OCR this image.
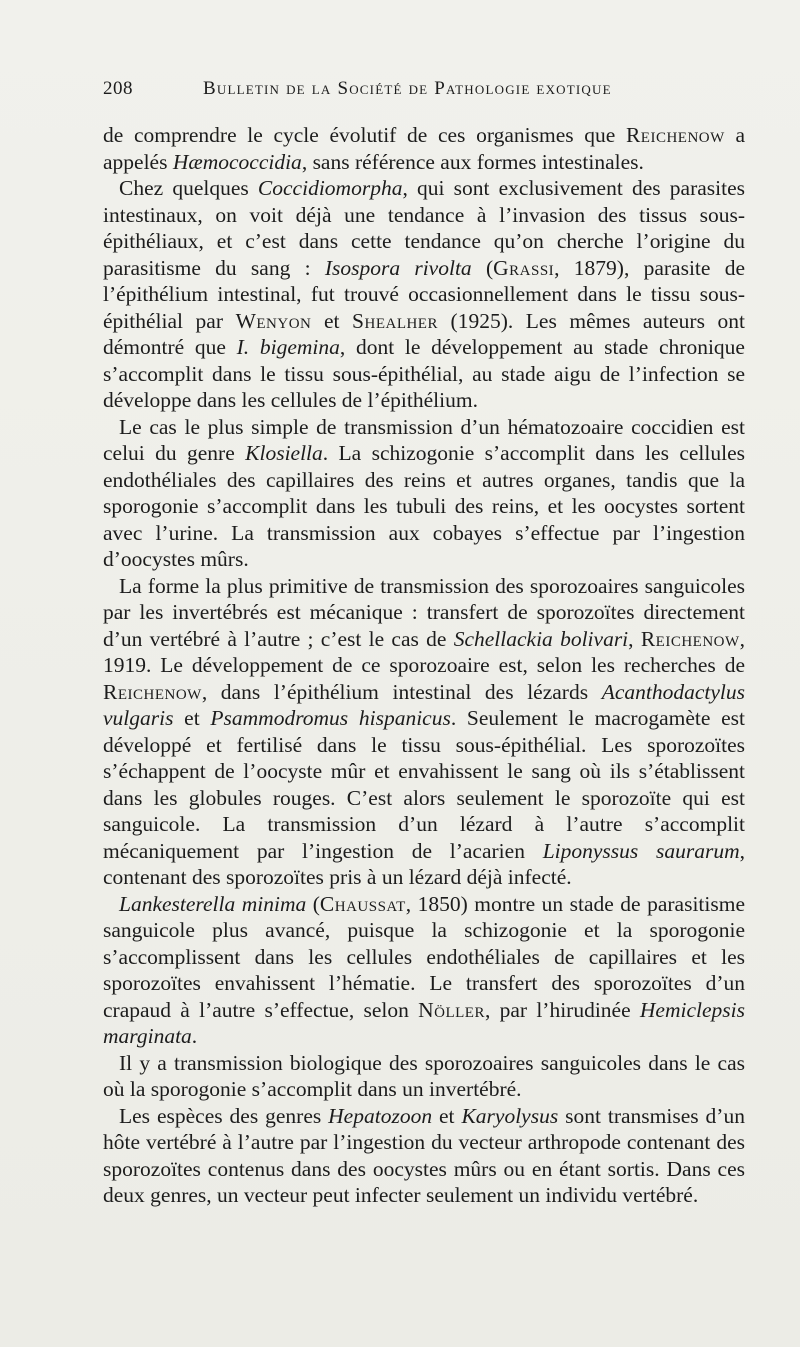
208	Bulletin de la Société de Pathologie exotique

de comprendre le cycle évolutif de ces organismes que Reichenow a appelés Hæmococcidia, sans référence aux formes intestinales.

Chez quelques Coccidiomorpha, qui sont exclusivement des parasites intestinaux, on voit déjà une tendance à l’invasion des tissus sous-épithéliaux, et c’est dans cette tendance qu’on cherche l’origine du parasitisme du sang : Isospora rivolta (Grassi, 1879), parasite de l’épithélium intestinal, fut trouvé occasionnellement dans le tissu sous-épithélial par Wenyon et Shealher (1925). Les mêmes auteurs ont démontré que I. bigemina, dont le développement au stade chronique s’accomplit dans le tissu sous-épithélial, au stade aigu de l’infection se développe dans les cellules de l’épithélium.

Le cas le plus simple de transmission d’un hématozoaire coccidien est celui du genre Klosiella. La schizogonie s’accomplit dans les cellules endothéliales des capillaires des reins et autres organes, tandis que la sporogonie s’accomplit dans les tubuli des reins, et les oocystes sortent avec l’urine. La transmission aux cobayes s’effectue par l’ingestion d’oocystes mûrs.

La forme la plus primitive de transmission des sporozoaires sanguicoles par les invertébrés est mécanique : transfert de sporozoïtes directement d’un vertébré à l’autre ; c’est le cas de Schellackia bolivari, Reichenow, 1919. Le développement de ce sporozoaire est, selon les recherches de Reichenow, dans l’épithélium intestinal des lézards Acanthodactylus vulgaris et Psammodromus hispanicus. Seulement le macrogamète est développé et fertilisé dans le tissu sous-épithélial. Les sporozoïtes s’échappent de l’oocyste mûr et envahissent le sang où ils s’établissent dans les globules rouges. C’est alors seulement le sporozoïte qui est sanguicole. La transmission d’un lézard à l’autre s’accomplit mécaniquement par l’ingestion de l’acarien Liponyssus saurarum, contenant des sporozoïtes pris à un lézard déjà infecté.

Lankesterella minima (Chaussat, 1850) montre un stade de parasitisme sanguicole plus avancé, puisque la schizogonie et la sporogonie s’accomplissent dans les cellules endothéliales de capillaires et les sporozoïtes envahissent l’hématie. Le transfert des sporozoïtes d’un crapaud à l’autre s’effectue, selon Nöller, par l’hirudinée Hemiclepsis marginata.

Il y a transmission biologique des sporozoaires sanguicoles dans le cas où la sporogonie s’accomplit dans un invertébré.

Les espèces des genres Hepatozoon et Karyolysus sont transmises d’un hôte vertébré à l’autre par l’ingestion du vecteur arthropode contenant des sporozoïtes contenus dans des oocystes mûrs ou en étant sortis. Dans ces deux genres, un vecteur peut infecter seulement un individu vertébré.
